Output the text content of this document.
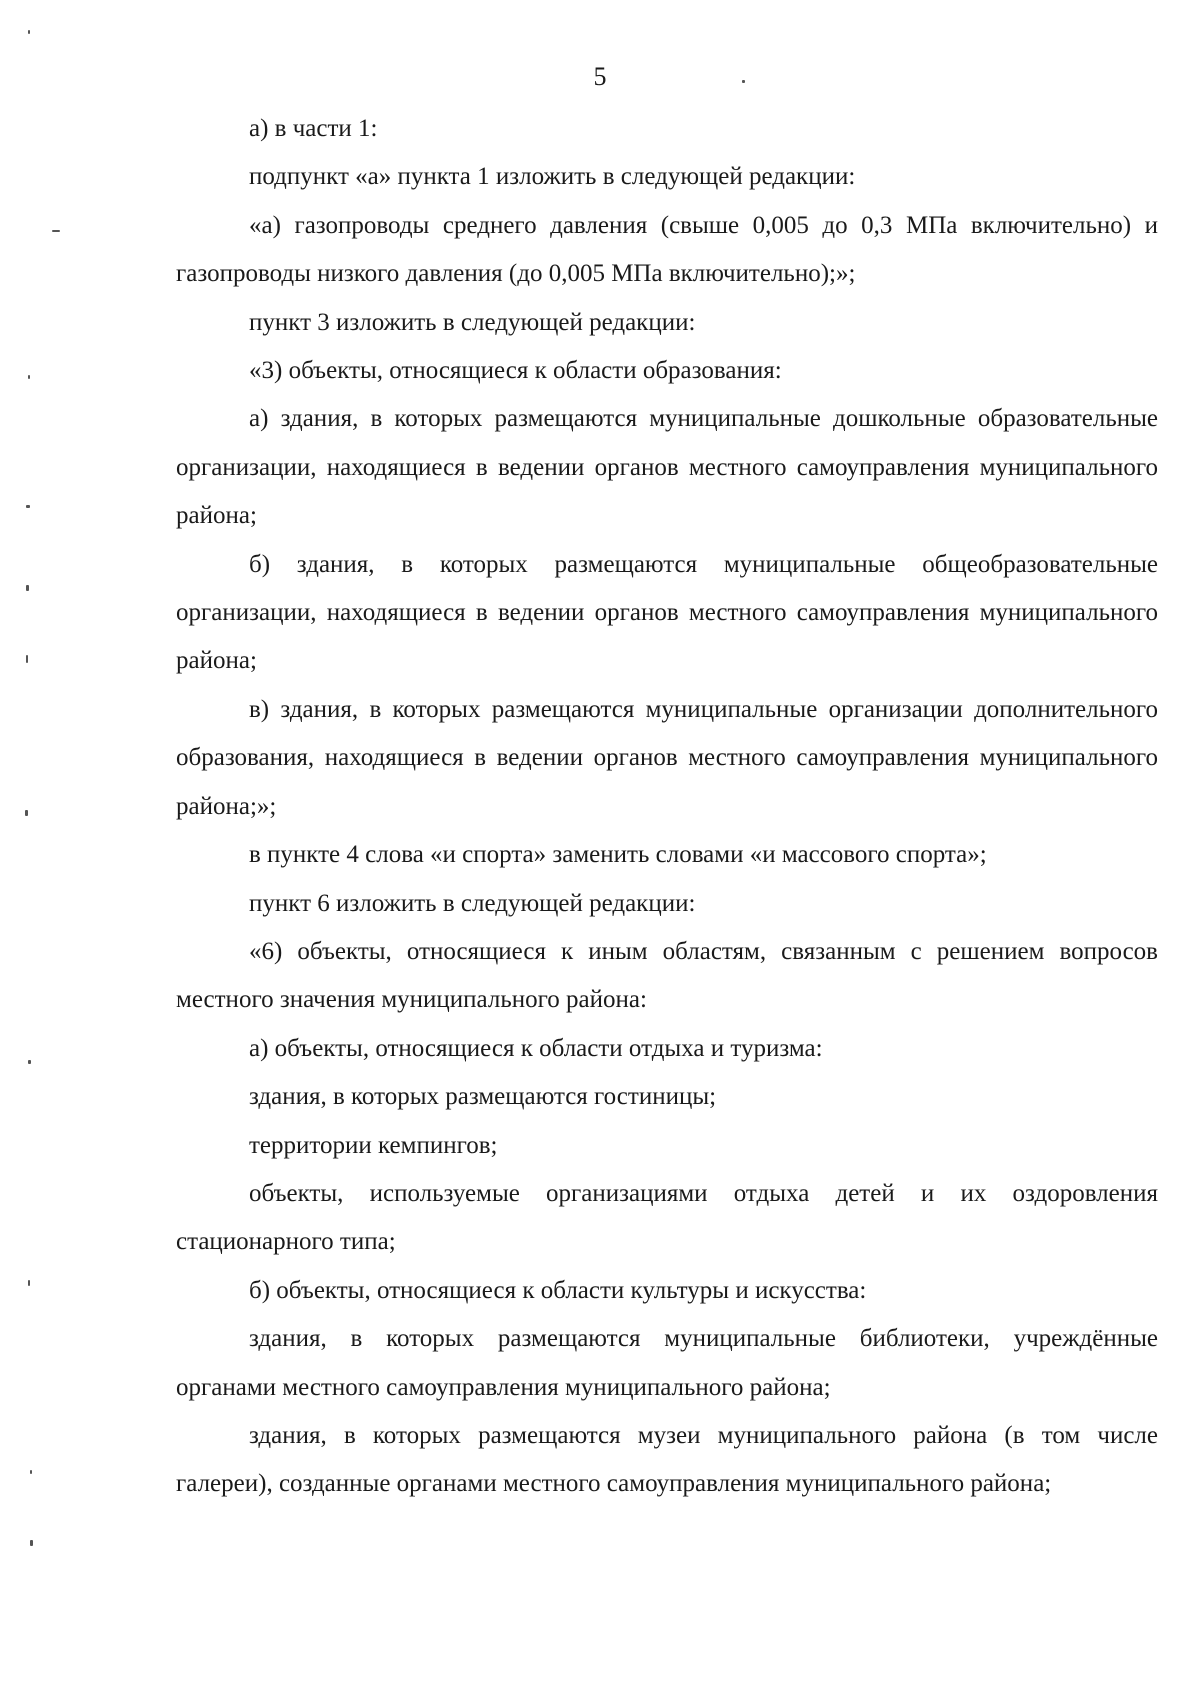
5

а) в части 1:

подпункт «а» пункта 1 изложить в следующей редакции:

«а) газопроводы среднего давления (свыше 0,005 до 0,3 МПа включительно) и газопроводы низкого давления (до 0,005 МПа включительно);»;

пункт 3 изложить в следующей редакции:

«3) объекты, относящиеся к области образования:

а) здания, в которых размещаются муниципальные дошкольные образовательные организации, находящиеся в ведении органов местного самоуправления муниципального района;

б) здания, в которых размещаются муниципальные общеобразовательные организации, находящиеся в ведении органов местного самоуправления муниципального района;

в) здания, в которых размещаются муниципальные организации дополнительного образования, находящиеся в ведении органов местного самоуправления муниципального района;»;

в пункте 4 слова «и спорта» заменить словами «и массового спорта»;

пункт 6 изложить в следующей редакции:

«6) объекты, относящиеся к иным областям, связанным с решением вопросов местного значения муниципального района:

а) объекты, относящиеся к области отдыха и туризма:

здания, в которых размещаются гостиницы;

территории кемпингов;

объекты, используемые организациями отдыха детей и их оздоровления стационарного типа;

б) объекты, относящиеся к области культуры и искусства:

здания, в которых размещаются муниципальные библиотеки, учреждённые органами местного самоуправления муниципального района;

здания, в которых размещаются музеи муниципального района (в том числе галереи), созданные органами местного самоуправления муниципального района;
